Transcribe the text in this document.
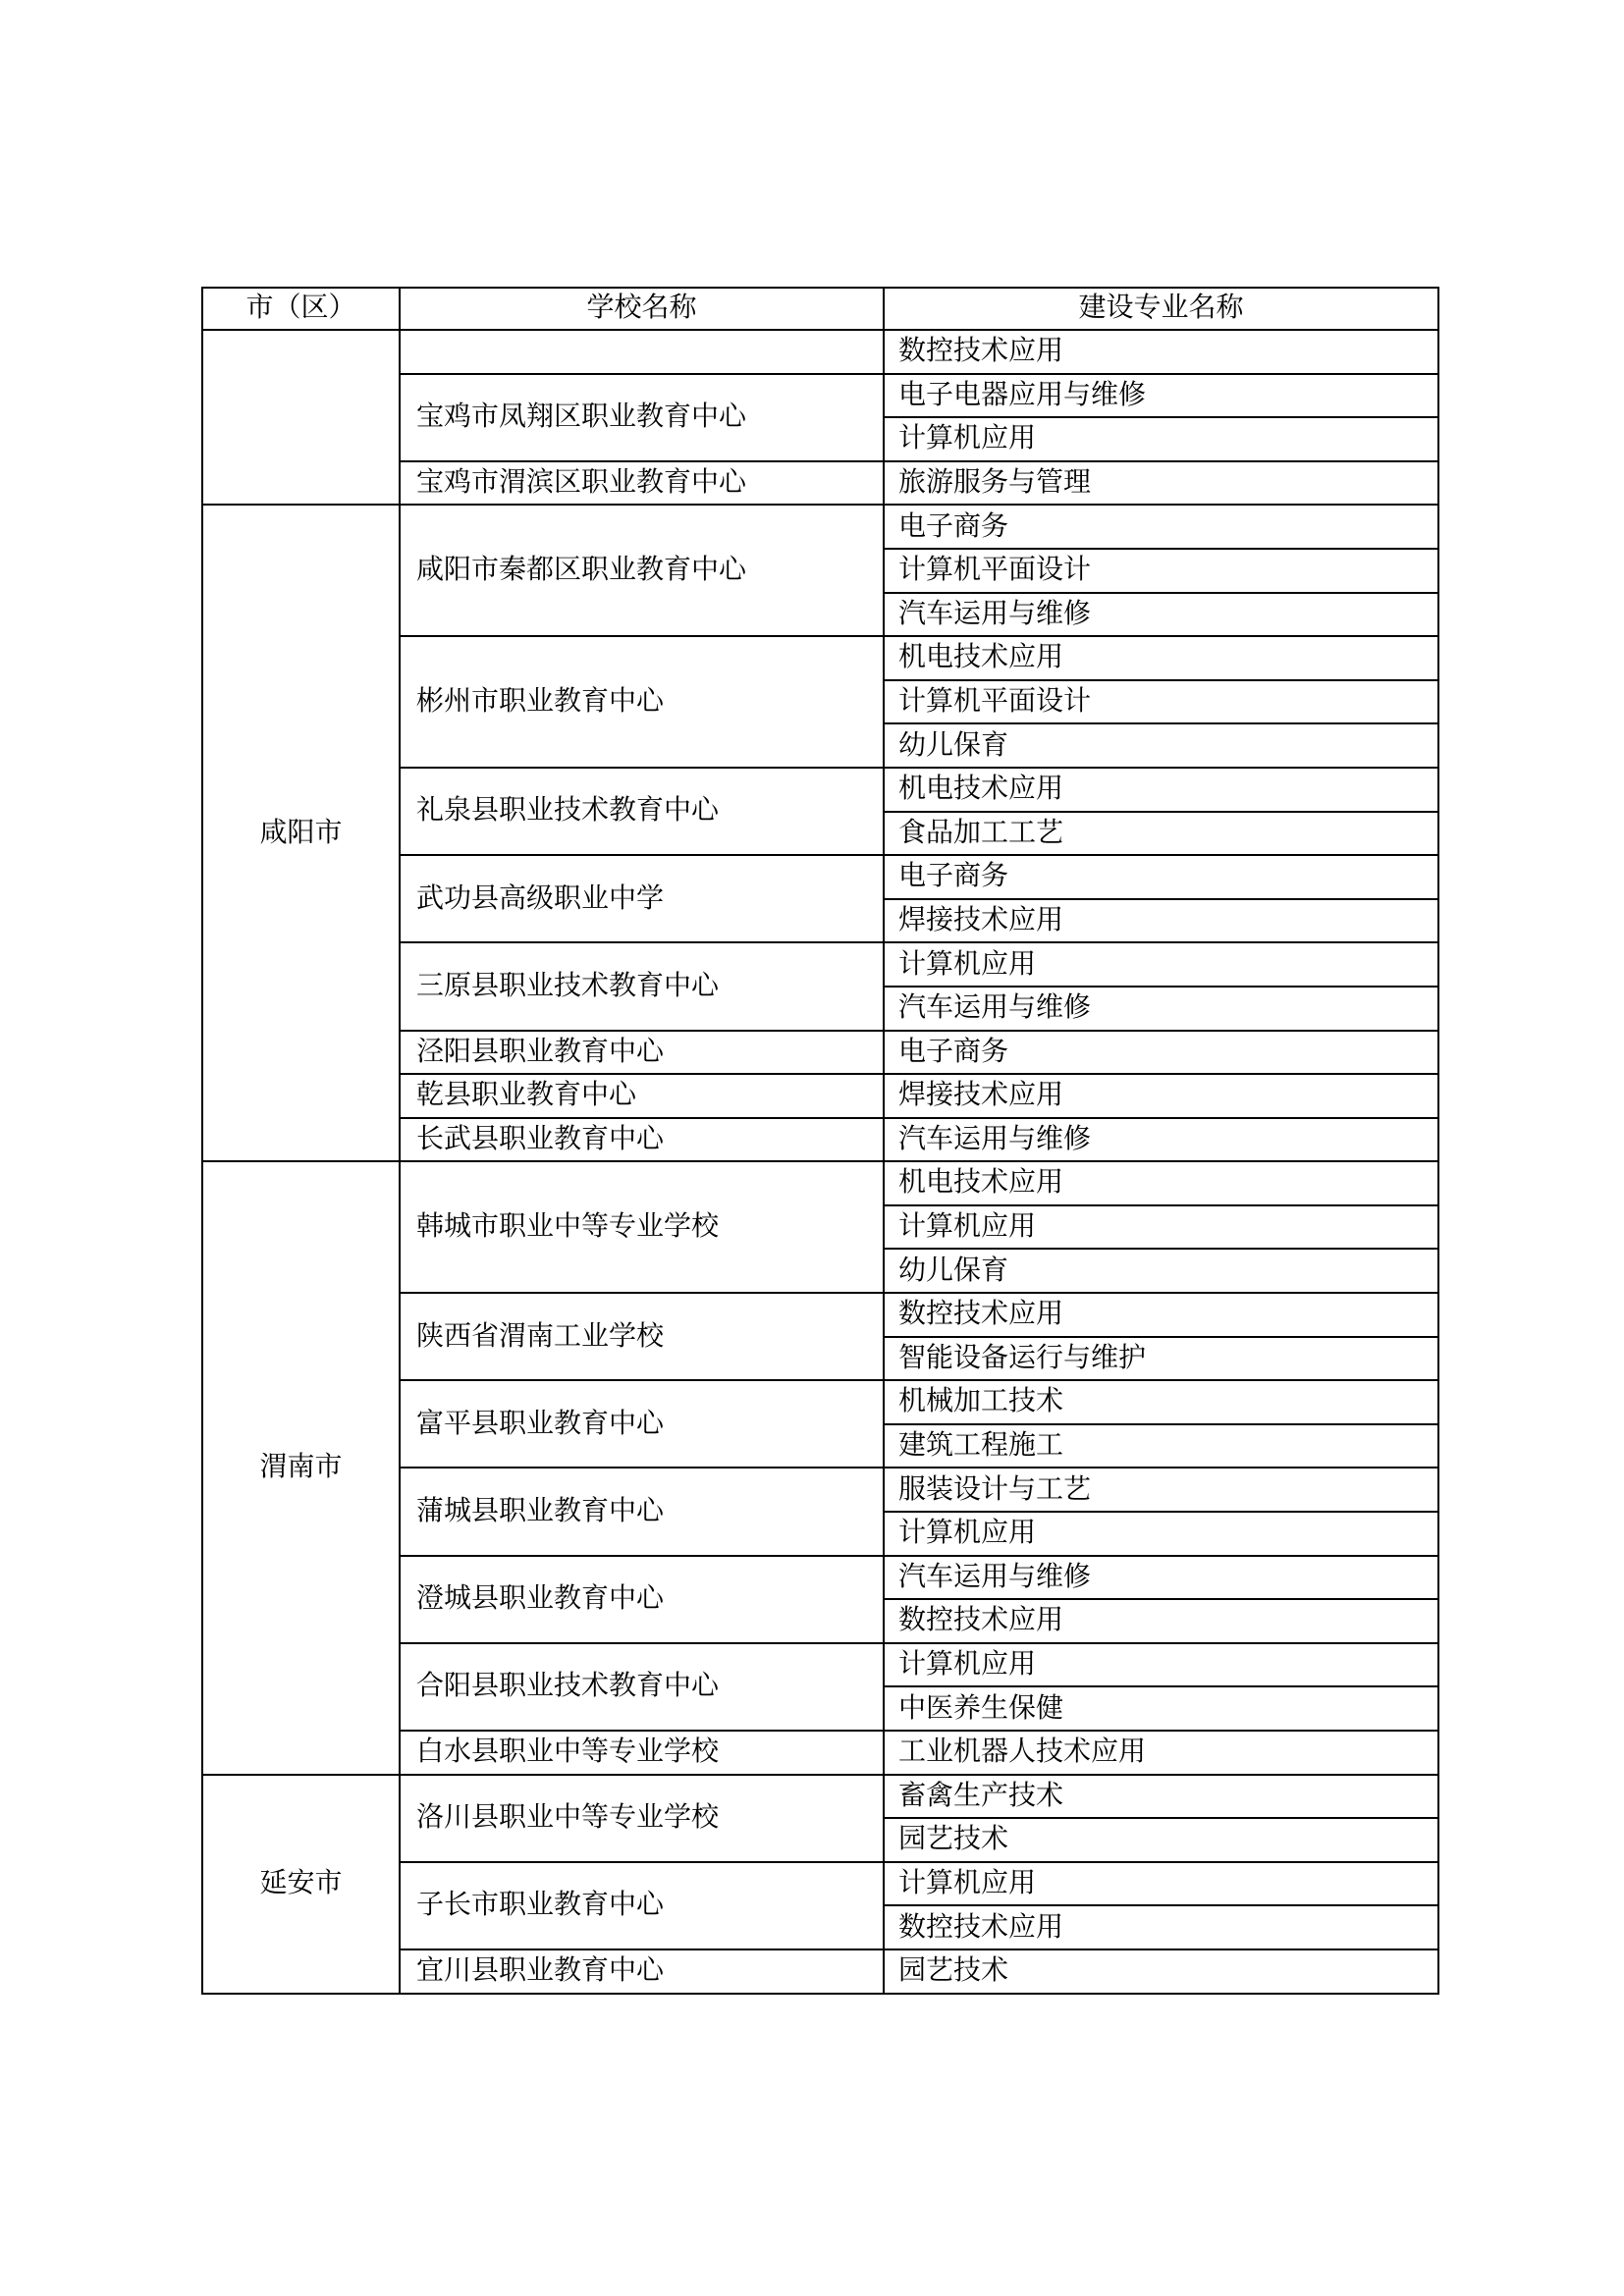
市（区）	学校名称	建设专业名称
		数控技术应用
	宝鸡市凤翔区职业教育中心	电子电器应用与维修
		计算机应用
	宝鸡市渭滨区职业教育中心	旅游服务与管理
咸阳市	咸阳市秦都区职业教育中心	电子商务
		计算机平面设计
		汽车运用与维修
	彬州市职业教育中心	机电技术应用
		计算机平面设计
		幼儿保育
	礼泉县职业技术教育中心	机电技术应用
		食品加工工艺
	武功县高级职业中学	电子商务
		焊接技术应用
	三原县职业技术教育中心	计算机应用
		汽车运用与维修
	泾阳县职业教育中心	电子商务
	乾县职业教育中心	焊接技术应用
	长武县职业教育中心	汽车运用与维修
渭南市	韩城市职业中等专业学校	机电技术应用
		计算机应用
		幼儿保育
	陕西省渭南工业学校	数控技术应用
		智能设备运行与维护
	富平县职业教育中心	机械加工技术
		建筑工程施工
	蒲城县职业教育中心	服装设计与工艺
		计算机应用
	澄城县职业教育中心	汽车运用与维修
		数控技术应用
	合阳县职业技术教育中心	计算机应用
		中医养生保健
	白水县职业中等专业学校	工业机器人技术应用
延安市	洛川县职业中等专业学校	畜禽生产技术
		园艺技术
	子长市职业教育中心	计算机应用
		数控技术应用
	宜川县职业教育中心	园艺技术
